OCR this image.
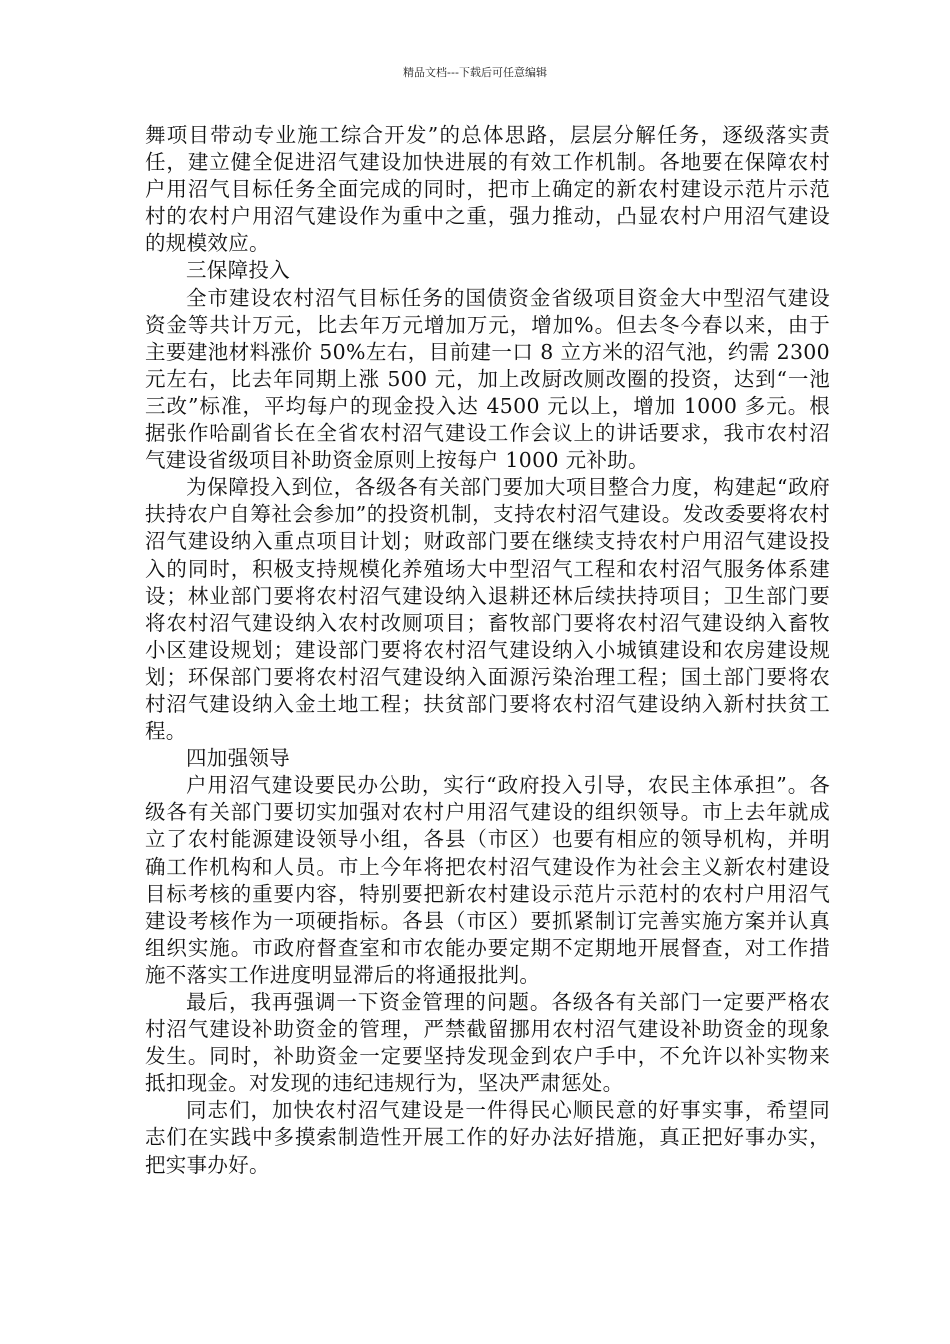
精品文档---下载后可任意编辑

舞项目带动专业施工综合开发”的总体思路，层层分解任务，逐级落实责任，建立健全促进沼气建设加快进展的有效工作机制。各地要在保障农村户用沼气目标任务全面完成的同时，把市上确定的新农村建设示范片示范村的农村户用沼气建设作为重中之重，强力推动，凸显农村户用沼气建设的规模效应。

三保障投入

全市建设农村沼气目标任务的国债资金省级项目资金大中型沼气建设资金等共计万元，比去年万元增加万元，增加%。但去冬今春以来，由于主要建池材料涨价 50%左右，目前建一口 8 立方米的沼气池，约需 2300 元左右，比去年同期上涨 500 元，加上改厨改厕改圈的投资，达到“一池三改”标准，平均每户的现金投入达 4500 元以上，增加 1000 多元。根据张作哈副省长在全省农村沼气建设工作会议上的讲话要求，我市农村沼气建设省级项目补助资金原则上按每户 1000 元补助。

为保障投入到位，各级各有关部门要加大项目整合力度，构建起“政府扶持农户自筹社会参加”的投资机制，支持农村沼气建设。发改委要将农村沼气建设纳入重点项目计划；财政部门要在继续支持农村户用沼气建设投入的同时，积极支持规模化养殖场大中型沼气工程和农村沼气服务体系建设；林业部门要将农村沼气建设纳入退耕还林后续扶持项目；卫生部门要将农村沼气建设纳入农村改厕项目；畜牧部门要将农村沼气建设纳入畜牧小区建设规划；建设部门要将农村沼气建设纳入小城镇建设和农房建设规划；环保部门要将农村沼气建设纳入面源污染治理工程；国土部门要将农村沼气建设纳入金土地工程；扶贫部门要将农村沼气建设纳入新村扶贫工程。

四加强领导

户用沼气建设要民办公助，实行“政府投入引导，农民主体承担”。各级各有关部门要切实加强对农村户用沼气建设的组织领导。市上去年就成立了农村能源建设领导小组，各县（市区）也要有相应的领导机构，并明确工作机构和人员。市上今年将把农村沼气建设作为社会主义新农村建设目标考核的重要内容，特别要把新农村建设示范片示范村的农村户用沼气建设考核作为一项硬指标。各县（市区）要抓紧制订完善实施方案并认真组织实施。市政府督查室和市农能办要定期不定期地开展督查，对工作措施不落实工作进度明显滞后的将通报批判。

最后，我再强调一下资金管理的问题。各级各有关部门一定要严格农村沼气建设补助资金的管理，严禁截留挪用农村沼气建设补助资金的现象发生。同时，补助资金一定要坚持发现金到农户手中，不允许以补实物来抵扣现金。对发现的违纪违规行为，坚决严肃惩处。

同志们，加快农村沼气建设是一件得民心顺民意的好事实事，希望同志们在实践中多摸索制造性开展工作的好办法好措施，真正把好事办实，把实事办好。
